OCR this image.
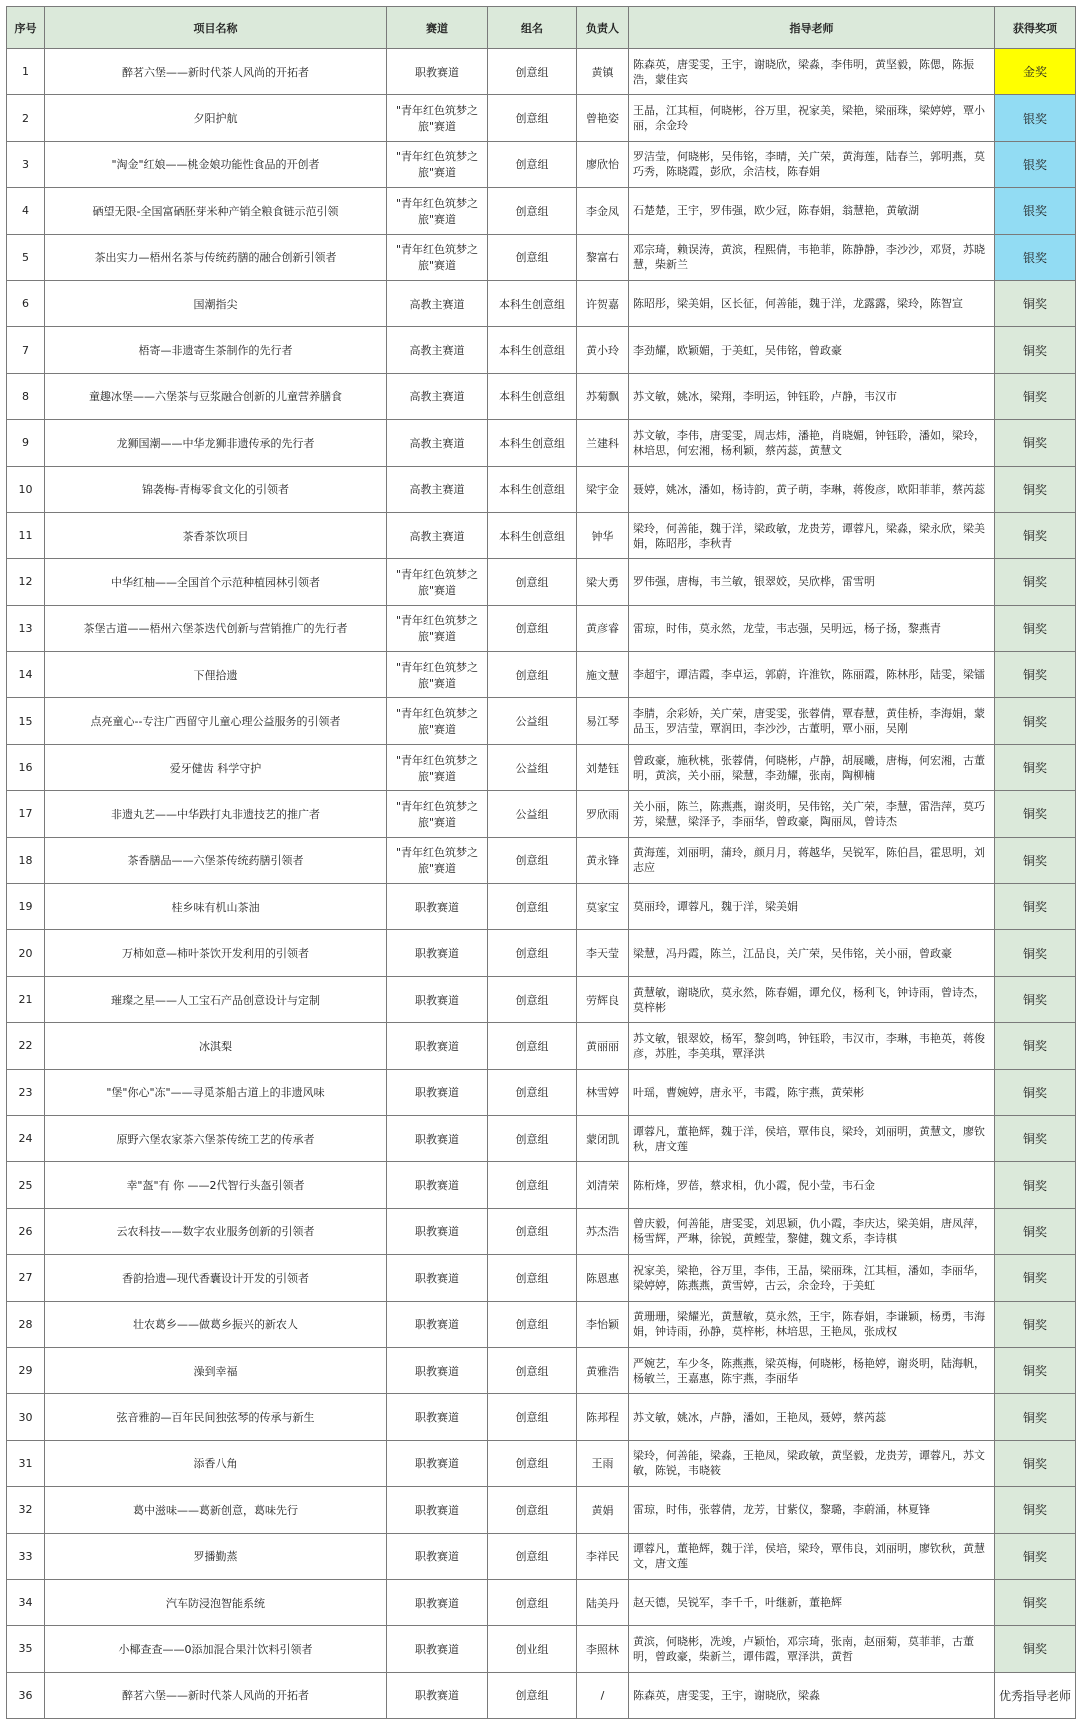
序号	项目名称	赛道	组名	负责人	指导老师	获得奖项
1	醉茗六堡——新时代茶人风尚的开拓者	职教赛道	创意组	黄镇	陈森英，唐雯雯，王宇，谢晓欣，梁淼，李伟明，黄坚毅，陈偲，陈振浩，蒙佳宾	金奖
2	夕阳护航	"青年红色筑梦之旅"赛道	创意组	曾艳姿	王晶，江其桓，何晓彬，谷万里，祝家美，梁艳，梁丽珠，梁婷婷，覃小丽，余金玲	银奖
3	"淘金"红娘——桃金娘功能性食品的开创者	"青年红色筑梦之旅"赛道	创意组	廖欣怡	罗洁莹，何晓彬，吴伟铭，李晴，关广荣，黄海莲，陆春兰，郭明燕，莫巧秀，陈晓霞，彭欣，余洁枝，陈春娟	银奖
4	硒望无限-全国富硒胚芽米种产销全粮食链示范引领	"青年红色筑梦之旅"赛道	创意组	李金凤	石楚楚，王宇，罗伟强，欧少冠，陈春娟，翁慧艳，黄敏湖	银奖
5	茶出实力—梧州名茶与传统药膳的融合创新引领者	"青年红色筑梦之旅"赛道	创意组	黎富右	邓宗琦，赖误涛，黄滨，程熙倩，韦艳菲，陈静静，李沙沙，邓贤，苏晓慧，柴新兰	银奖
6	国潮指尖	高教主赛道	本科生创意组	许贺嘉	陈昭彤，梁美娟，区长征，何善能，魏于洋，龙露露，梁玲，陈智宣	铜奖
7	梧寄—非遗寄生茶制作的先行者	高教主赛道	本科生创意组	黄小玲	李劲耀，欧颖媚，于美虹，吴伟铭，曾政豪	铜奖
8	童趣冰堡——六堡茶与豆浆融合创新的儿童营养膳食	高教主赛道	本科生创意组	苏菊飘	苏文敏，姚冰，梁翔，李明运，钟钰聆，卢静，韦汉市	铜奖
9	龙狮国潮——中华龙狮非遗传承的先行者	高教主赛道	本科生创意组	兰建科	苏文敏，李伟，唐雯雯，周志炜，潘艳，肖晓媚，钟钰聆，潘如，梁玲，林培思，何宏湘，杨利颖，蔡芮蕊，黄慧文	铜奖
10	锦袭梅-青梅零食文化的引领者	高教主赛道	本科生创意组	梁宇金	聂婷，姚冰，潘如，杨诗韵，黄子萌，李琳，蒋俊彦，欧阳菲菲，蔡芮蕊	铜奖
11	茶香茶饮项目	高教主赛道	本科生创意组	钟华	梁玲，何善能，魏于洋，梁政敏，龙贵芳，谭蓉凡，梁淼，梁永欣，梁美娟，陈昭彤，李秋青	铜奖
12	中华红柚——全国首个示范种植园林引领者	"青年红色筑梦之旅"赛道	创意组	梁大勇	罗伟强，唐梅，韦兰敏，银翠姣，吴欣桦，雷雪明	铜奖
13	茶堡古道——梧州六堡茶迭代创新与营销推广的先行者	"青年红色筑梦之旅"赛道	创意组	黄彦睿	雷琼，时伟，莫永然，龙莹，韦志强，吴明远，杨子扬，黎燕青	铜奖
14	下俚拾遗	"青年红色筑梦之旅"赛道	创意组	施文慧	李超宇，谭洁霞，李卓运，郭蔚，许淮钦，陈丽霞，陈林彤，陆雯，梁镭	铜奖
15	点亮童心--专注广西留守儿童心理公益服务的引领者	"青年红色筑梦之旅"赛道	公益组	易江琴	李腈，余彩娇，关广荣，唐雯雯，张蓉倩，覃春慧，黄佳桥，李海娟，蒙品玉，罗洁莹，覃润田，李沙沙，古董明，覃小丽，吴刚	铜奖
16	爱牙健齿 科学守护	"青年红色筑梦之旅"赛道	公益组	刘楚钰	曾政豪，施秋桃，张蓉倩，何晓彬，卢静，胡展曦，唐梅，何宏湘，古董明，黄滨，关小丽，梁慧，李劲耀，张南，陶柳楠	铜奖
17	非遗丸艺——中华跌打丸非遗技艺的推广者	"青年红色筑梦之旅"赛道	公益组	罗欣雨	关小丽，陈兰，陈燕燕，谢炎明，吴伟铭，关广荣，李慧，雷浩萍，莫巧芳，梁慧，梁泽予，李丽华，曾政豪，陶丽凤，曾诗杰	铜奖
18	茶香膳品——六堡茶传统药膳引领者	"青年红色筑梦之旅"赛道	创意组	黄永锋	黄海莲，刘丽明，蒲玲，颜月月，蒋越华，吴锐军，陈伯昌，霍思明，刘志应	铜奖
19	桂乡味有机山茶油	职教赛道	创意组	莫家宝	莫丽玲，谭蓉凡，魏于洋，梁美娟	铜奖
20	万柿如意—柿叶茶饮开发利用的引领者	职教赛道	创意组	李天莹	梁慧，冯丹霞，陈兰，江品良，关广荣，吴伟铭，关小丽，曾政豪	铜奖
21	璀璨之星——人工宝石产品创意设计与定制	职教赛道	创意组	劳辉良	黄慧敏，谢晓欣，莫永然，陈春媚，谭允仪，杨利飞，钟诗雨，曾诗杰，莫梓彬	铜奖
22	冰淇梨	职教赛道	创意组	黄丽丽	苏文敏，银翠姣，杨军，黎剑鸣，钟钰聆，韦汉市，李琳，韦艳英，蒋俊彦，苏胜，李美琪，覃泽洪	铜奖
23	"堡"你心"冻"——寻觅茶船古道上的非遗风味	职教赛道	创意组	林雪婷	叶瑶，曹婉婷，唐永平，韦霞，陈宇燕，黄荣彬	铜奖
24	原野六堡农家茶六堡茶传统工艺的传承者	职教赛道	创意组	蒙闭凯	谭蓉凡，董艳辉，魏于洋，侯培，覃伟良，梁玲，刘丽明，黄慧文，廖钦秋，唐文莲	铜奖
25	幸"盔"有 你 ——2代智行头盔引领者	职教赛道	创意组	刘清荣	陈桁烽，罗蓓，蔡求相，仇小霞，倪小莹，韦石金	铜奖
26	云农科技——数字农业服务创新的引领者	职教赛道	创意组	苏杰浩	曾庆毅，何善能，唐雯雯，刘思颖，仇小霞，李庆达，梁美娟，唐凤萍，杨雪辉，严琳，徐锐，黄鲣莹，黎健，魏文系，李诗棋	铜奖
27	香韵拾遗—现代香囊设计开发的引领者	职教赛道	创意组	陈恩惠	祝家美，梁艳，谷万里，李伟，王晶，梁丽珠，江其桓，潘如，李丽华，梁婷婷，陈燕燕，黄雪婷，古云，余金玲，于美虹	铜奖
28	壮农葛乡——做葛乡振兴的新农人	职教赛道	创意组	李怡颖	黄珊珊，梁耀光，黄慧敏，莫永然，王宇，陈春娟，李谦颖，杨勇，韦海娟，钟诗雨，孙静，莫梓彬，林培思，王艳凤，张成权	铜奖
29	澡到幸福	职教赛道	创意组	黄雅浩	严婉艺，车少冬，陈燕燕，梁英梅，何晓彬，杨艳婷，谢炎明，陆海帆，杨敏兰，王嘉惠，陈宇燕，李丽华	铜奖
30	弦音雅韵—百年民间独弦琴的传承与新生	职教赛道	创意组	陈邦程	苏文敏，姚冰，卢静，潘如，王艳凤，聂婷，蔡芮蕊	铜奖
31	添香八角	职教赛道	创意组	王雨	梁玲，何善能，梁淼，王艳凤，梁政敏，黄坚毅，龙贵芳，谭蓉凡，苏文敏，陈锐，韦晓筱	铜奖
32	葛中滋味——葛新创意，葛味先行	职教赛道	创意组	黄娟	雷琼，时伟，张蓉倩，龙芳，甘紫仪，黎璐，李蔚涌，林夏锋	铜奖
33	罗播勤蒸	职教赛道	创意组	李祥民	谭蓉凡，董艳辉，魏于洋，侯培，梁玲，覃伟良，刘丽明，廖钦秋，黄慧文，唐文莲	铜奖
34	汽车防浸泡智能系统	职教赛道	创意组	陆美丹	赵天德，吴锐军，李千千，叶继新，董艳辉	铜奖
35	小椰查查——0添加混合果汁饮料引领者	职教赛道	创业组	李照林	黄滨，何晓彬，冼竣，卢颖怡，邓宗琦，张南，赵丽菊，莫菲菲，古董明，曾政豪，柴新兰，谭伟霞，覃泽洪，黄哲	铜奖
36	醉茗六堡——新时代茶人风尚的开拓者	职教赛道	创意组	/	陈森英，唐雯雯，王宇，谢晓欣，梁淼	优秀指导老师
